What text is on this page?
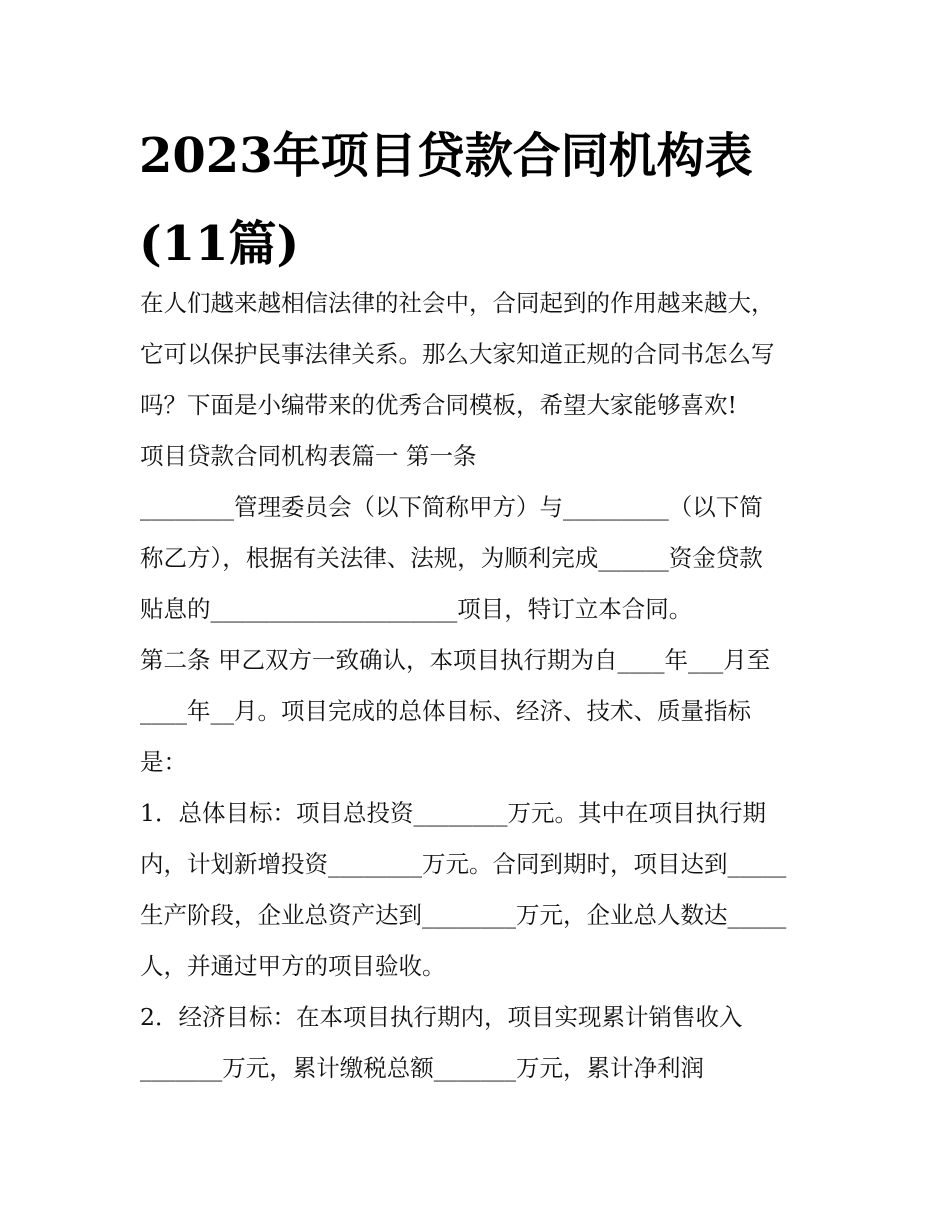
2023年项目贷款合同机构表
(11篇)
在人们越来越相信法律的社会中，合同起到的作用越来越大，
它可以保护民事法律关系。那么大家知道正规的合同书怎么写
吗？下面是小编带来的优秀合同模板，希望大家能够喜欢!
项目贷款合同机构表篇一 第一条
________管理委员会（以下简称甲方）与_________（以下简
称乙方），根据有关法律、法规，为顺利完成______资金贷款
贴息的_____________________项目，特订立本合同。
第二条 甲乙双方一致确认，本项目执行期为自____年___月至
____年__月。项目完成的总体目标、经济、技术、质量指标
是：
1．总体目标：项目总投资________万元。其中在项目执行期
内，计划新增投资________万元。合同到期时，项目达到_____
生产阶段，企业总资产达到________万元，企业总人数达_____
人，并通过甲方的项目验收。
2．经济目标：在本项目执行期内，项目实现累计销售收入
_______万元，累计缴税总额_______万元，累计净利润
